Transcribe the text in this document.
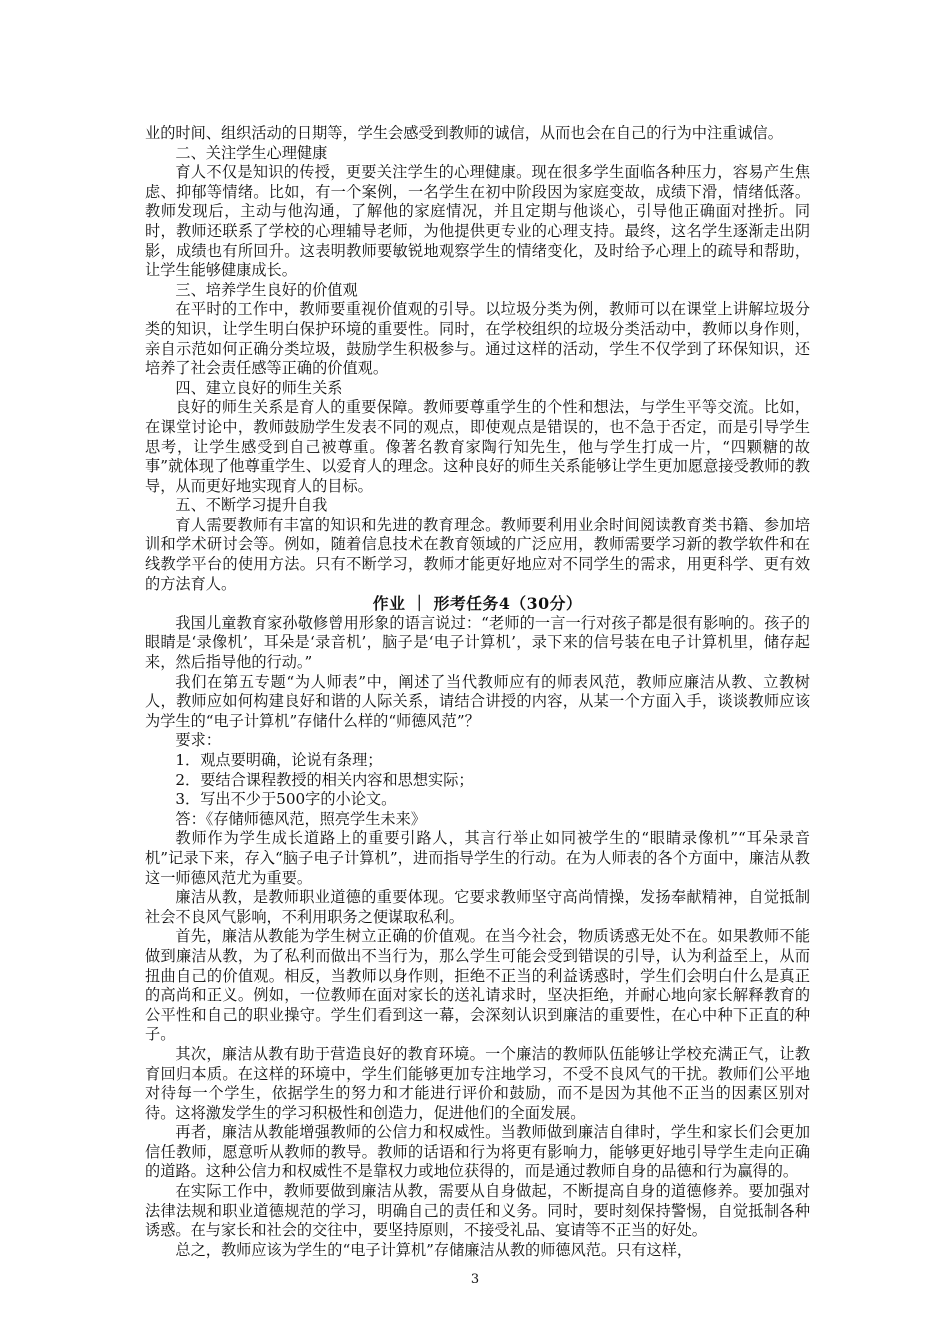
业的时间、组织活动的日期等，学生会感受到教师的诚信，从而也会在自己的行为中注重诚信。

二、关注学生心理健康

育人不仅是知识的传授，更要关注学生的心理健康。现在很多学生面临各种压力，容易产生焦虑、抑郁等情绪。比如，有一个案例，一名学生在初中阶段因为家庭变故，成绩下滑，情绪低落。教师发现后，主动与他沟通，了解他的家庭情况，并且定期与他谈心，引导他正确面对挫折。同时，教师还联系了学校的心理辅导老师，为他提供更专业的心理支持。最终，这名学生逐渐走出阴影，成绩也有所回升。这表明教师要敏锐地观察学生的情绪变化，及时给予心理上的疏导和帮助，让学生能够健康成长。

三、培养学生良好的价值观

在平时的工作中，教师要重视价值观的引导。以垃圾分类为例，教师可以在课堂上讲解垃圾分类的知识，让学生明白保护环境的重要性。同时，在学校组织的垃圾分类活动中，教师以身作则，亲自示范如何正确分类垃圾，鼓励学生积极参与。通过这样的活动，学生不仅学到了环保知识，还培养了社会责任感等正确的价值观。

四、建立良好的师生关系

良好的师生关系是育人的重要保障。教师要尊重学生的个性和想法，与学生平等交流。比如，在课堂讨论中，教师鼓励学生发表不同的观点，即使观点是错误的，也不急于否定，而是引导学生思考，让学生感受到自己被尊重。像著名教育家陶行知先生，他与学生打成一片，“四颗糖的故事”就体现了他尊重学生、以爱育人的理念。这种良好的师生关系能够让学生更加愿意接受教师的教导，从而更好地实现育人的目标。

五、不断学习提升自我

育人需要教师有丰富的知识和先进的教育理念。教师要利用业余时间阅读教育类书籍、参加培训和学术研讨会等。例如，随着信息技术在教育领域的广泛应用，教师需要学习新的教学软件和在线教学平台的使用方法。只有不断学习，教师才能更好地应对不同学生的需求，用更科学、更有效的方法育人。

作业 ｜ 形考任务4（30分）

我国儿童教育家孙敬修曾用形象的语言说过：“老师的一言一行对孩子都是很有影响的。孩子的眼睛是‘录像机’，耳朵是‘录音机’，脑子是‘电子计算机’，录下来的信号装在电子计算机里，储存起来，然后指导他的行动。”

我们在第五专题“为人师表”中，阐述了当代教师应有的师表风范，教师应廉洁从教、立教树人，教师应如何构建良好和谐的人际关系，请结合讲授的内容，从某一个方面入手，谈谈教师应该为学生的“电子计算机”存储什么样的“师德风范”？

要求：

1．观点要明确，论说有条理；

2．要结合课程教授的相关内容和思想实际；

3．写出不少于500字的小论文。

答：《存储师德风范，照亮学生未来》

教师作为学生成长道路上的重要引路人，其言行举止如同被学生的“眼睛录像机”“耳朵录音机”记录下来，存入“脑子电子计算机”，进而指导学生的行动。在为人师表的各个方面中，廉洁从教这一师德风范尤为重要。

廉洁从教，是教师职业道德的重要体现。它要求教师坚守高尚情操，发扬奉献精神，自觉抵制社会不良风气影响，不利用职务之便谋取私利。

首先，廉洁从教能为学生树立正确的价值观。在当今社会，物质诱惑无处不在。如果教师不能做到廉洁从教，为了私利而做出不当行为，那么学生可能会受到错误的引导，认为利益至上，从而扭曲自己的价值观。相反，当教师以身作则，拒绝不正当的利益诱惑时，学生们会明白什么是真正的高尚和正义。例如，一位教师在面对家长的送礼请求时，坚决拒绝，并耐心地向家长解释教育的公平性和自己的职业操守。学生们看到这一幕，会深刻认识到廉洁的重要性，在心中种下正直的种子。

其次，廉洁从教有助于营造良好的教育环境。一个廉洁的教师队伍能够让学校充满正气，让教育回归本质。在这样的环境中，学生们能够更加专注地学习，不受不良风气的干扰。教师们公平地对待每一个学生，依据学生的努力和才能进行评价和鼓励，而不是因为其他不正当的因素区别对待。这将激发学生的学习积极性和创造力，促进他们的全面发展。

再者，廉洁从教能增强教师的公信力和权威性。当教师做到廉洁自律时，学生和家长们会更加信任教师，愿意听从教师的教导。教师的话语和行为将更有影响力，能够更好地引导学生走向正确的道路。这种公信力和权威性不是靠权力或地位获得的，而是通过教师自身的品德和行为赢得的。

在实际工作中，教师要做到廉洁从教，需要从自身做起，不断提高自身的道德修养。要加强对法律法规和职业道德规范的学习，明确自己的责任和义务。同时，要时刻保持警惕，自觉抵制各种诱惑。在与家长和社会的交往中，要坚持原则，不接受礼品、宴请等不正当的好处。

总之，教师应该为学生的“电子计算机”存储廉洁从教的师德风范。只有这样，

3
